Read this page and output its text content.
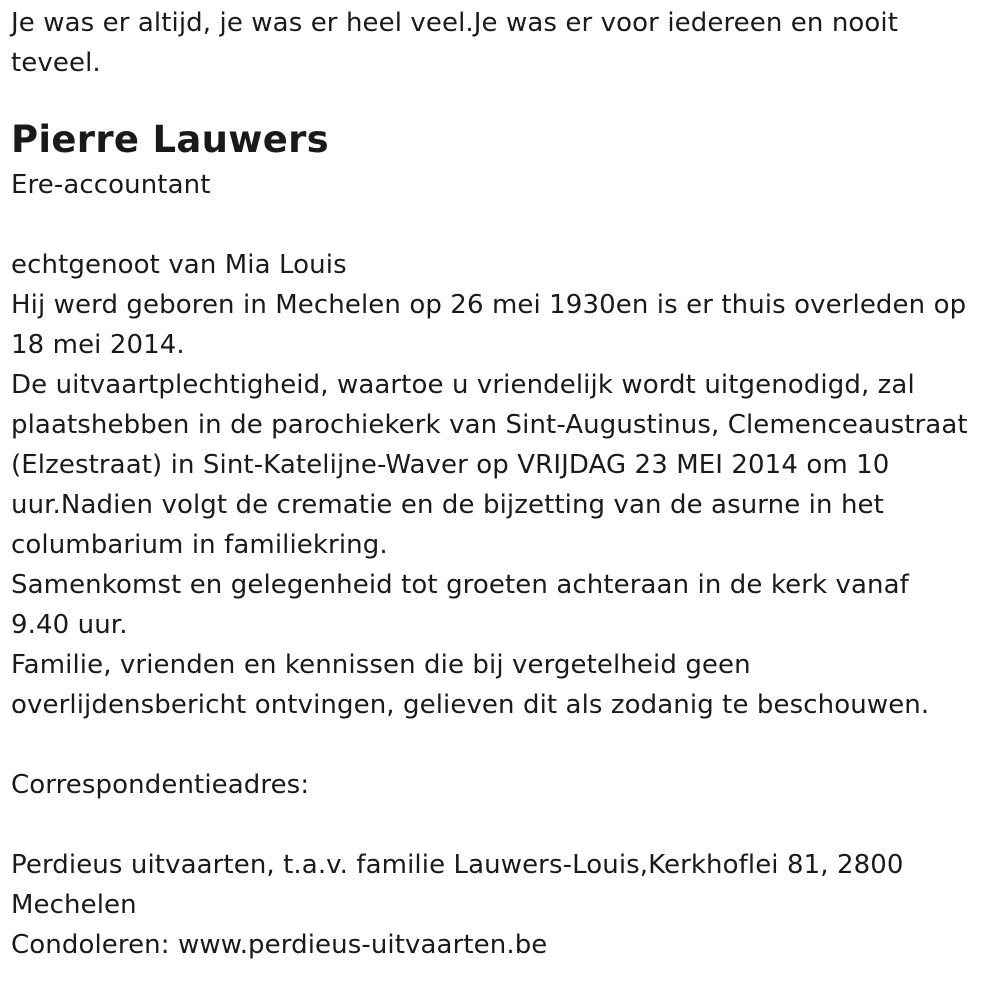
Je was er altijd, je was er heel veel.Je was er voor iedereen en nooit
teveel.
Pierre Lauwers
Ere-accountant
echtgenoot van Mia Louis
Hij werd geboren in Mechelen op 26 mei 1930en is er thuis overleden op
18 mei 2014.
De uitvaartplechtigheid, waartoe u vriendelijk wordt uitgenodigd, zal
plaatshebben in de parochiekerk van Sint-Augustinus, Clemenceaustraat
(Elzestraat) in Sint-Katelijne-Waver op VRIJDAG 23 MEI 2014 om 10
uur.Nadien volgt de crematie en de bijzetting van de asurne in het
columbarium in familiekring.
Samenkomst en gelegenheid tot groeten achteraan in de kerk vanaf
9.40 uur.
Familie, vrienden en kennissen die bij vergetelheid geen
overlijdensbericht ontvingen, gelieven dit als zodanig te beschouwen.
Correspondentieadres:
Perdieus uitvaarten, t.a.v. familie Lauwers-Louis,Kerkhoflei 81, 2800
Mechelen
Condoleren: www.perdieus-uitvaarten.be
